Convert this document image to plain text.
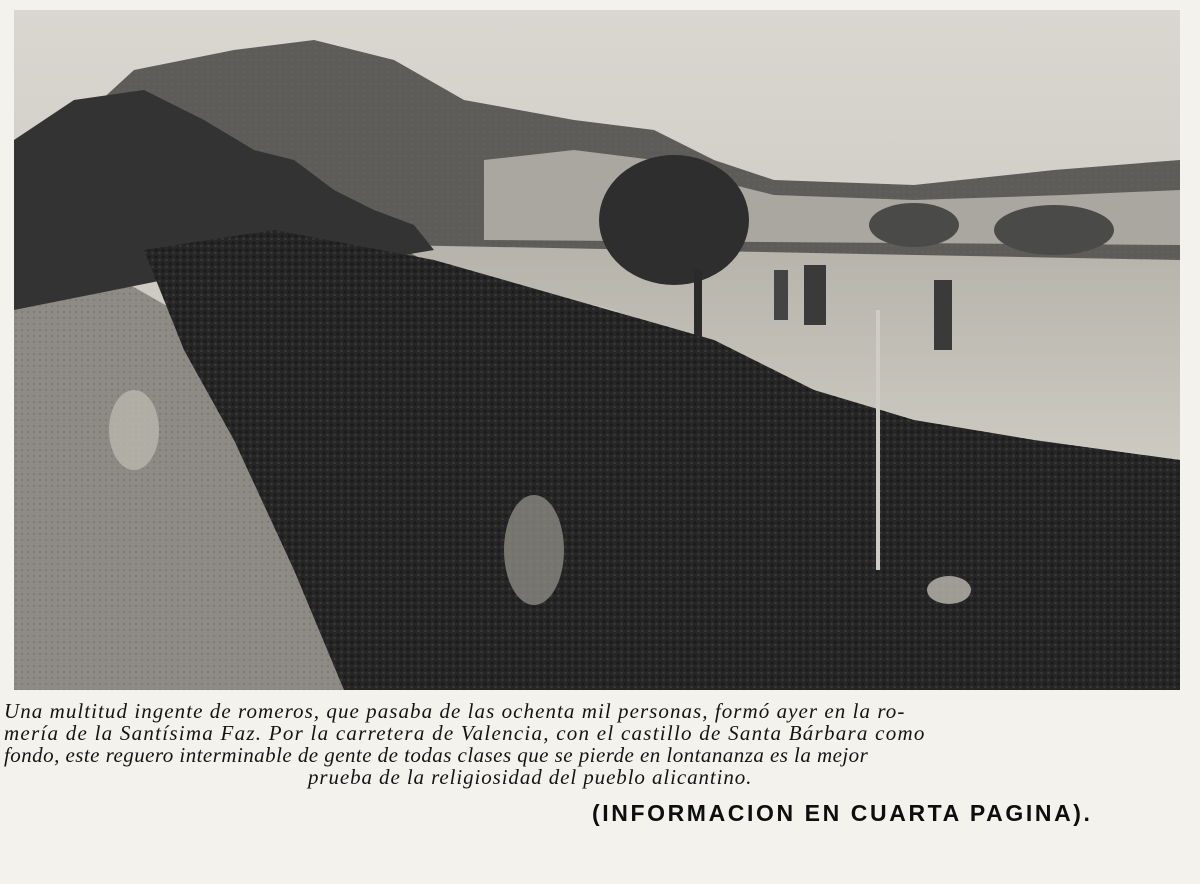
Una multitud ingente de romeros, que pasaba de las ochenta mil personas, formó ayer en la ro-
mería de la Santísima Faz. Por la carretera de Valencia, con el castillo de Santa Bárbara como
fondo, este reguero interminable de gente de todas clases que se pierde en lontananza es la mejor
prueba de la religiosidad del pueblo alicantino.
(INFORMACION EN CUARTA PAGINA).
